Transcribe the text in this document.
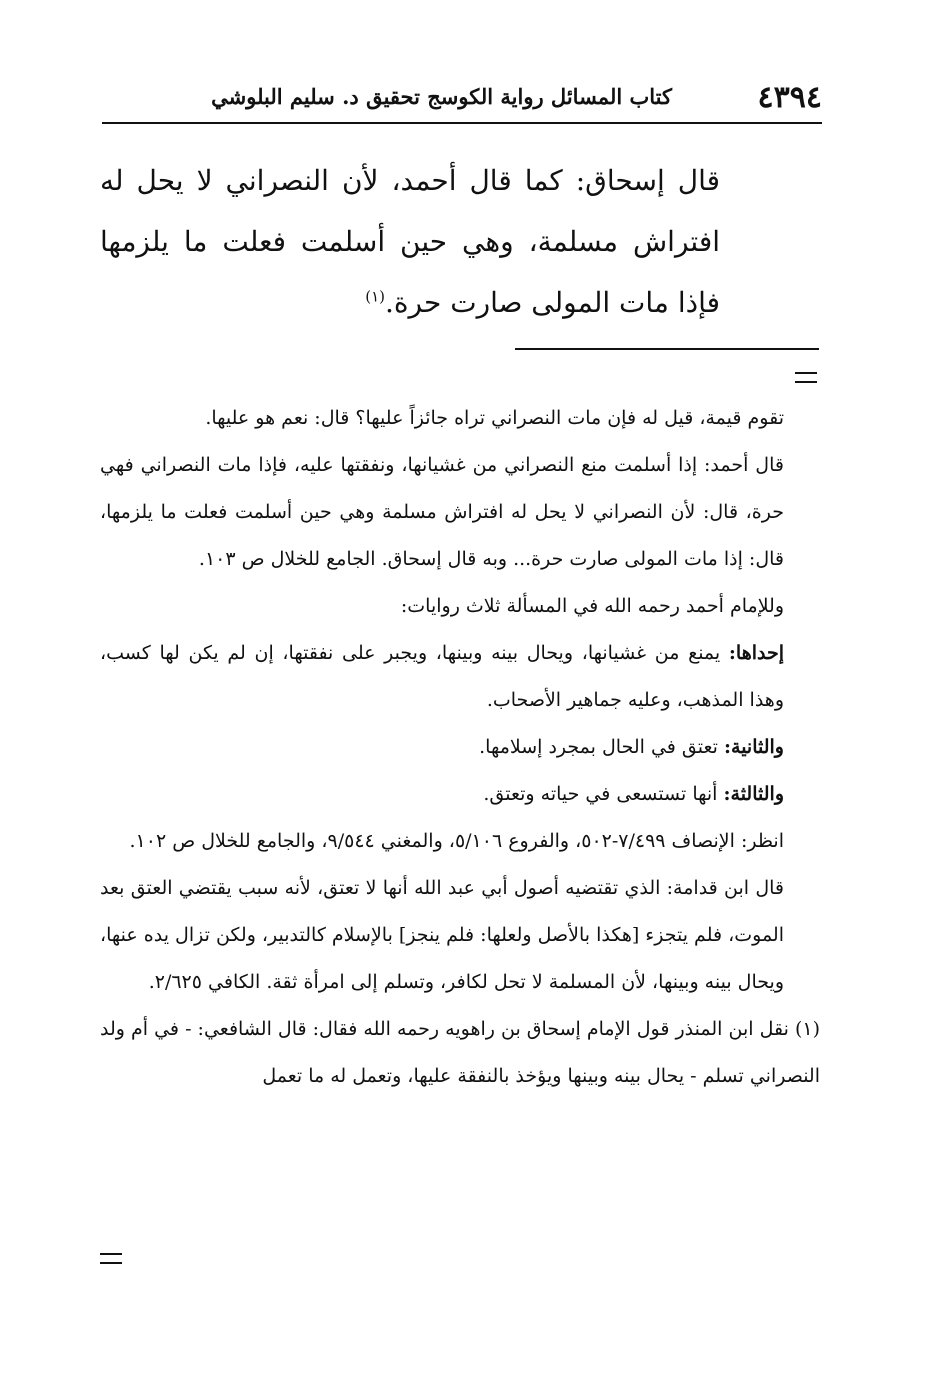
٤٣٩٤
كتاب المسائل رواية الكوسج تحقيق د. سليم البلوشي
قال إسحاق: كما قال أحمد، لأن النصراني لا يحل له افتراش مسلمة، وهي حين أسلمت فعلت ما يلزمها فإذا مات المولى صارت حرة.$^{(١)}$

تقوم قيمة، قيل له فإن مات النصراني تراه جائزاً عليها؟ قال: نعم هو عليها.

قال أحمد: إذا أسلمت منع النصراني من غشيانها، ونفقتها عليه، فإذا مات النصراني فهي حرة، قال: لأن النصراني لا يحل له افتراش مسلمة وهي حين أسلمت فعلت ما يلزمها، قال: إذا مات المولى صارت حرة... وبه قال إسحاق. الجامع للخلال ص ١٠٣.

وللإمام أحمد رحمه الله في المسألة ثلاث روايات:

إحداها: يمنع من غشيانها، ويحال بينه وبينها، ويجبر على نفقتها، إن لم يكن لها كسب، وهذا المذهب، وعليه جماهير الأصحاب.

والثانية: تعتق في الحال بمجرد إسلامها.

والثالثة: أنها تستسعى في حياته وتعتق.

انظر: الإنصاف ٧/٤٩٩-٥٠٢، والفروع ٥/١٠٦، والمغني ٩/٥٤٤، والجامع للخلال ص ١٠٢.

قال ابن قدامة: الذي تقتضيه أصول أبي عبد الله أنها لا تعتق، لأنه سبب يقتضي العتق بعد الموت، فلم يتجزء [هكذا بالأصل ولعلها: فلم ينجز] بالإسلام كالتدبير، ولكن تزال يده عنها، ويحال بينه وبينها، لأن المسلمة لا تحل لكافر، وتسلم إلى امرأة ثقة. الكافي ٢/٦٢٥.

(١) نقل ابن المنذر قول الإمام إسحاق بن راهويه رحمه الله فقال: قال الشافعي: - في أم ولد النصراني تسلم - يحال بينه وبينها ويؤخذ بالنفقة عليها، وتعمل له ما تعمل
